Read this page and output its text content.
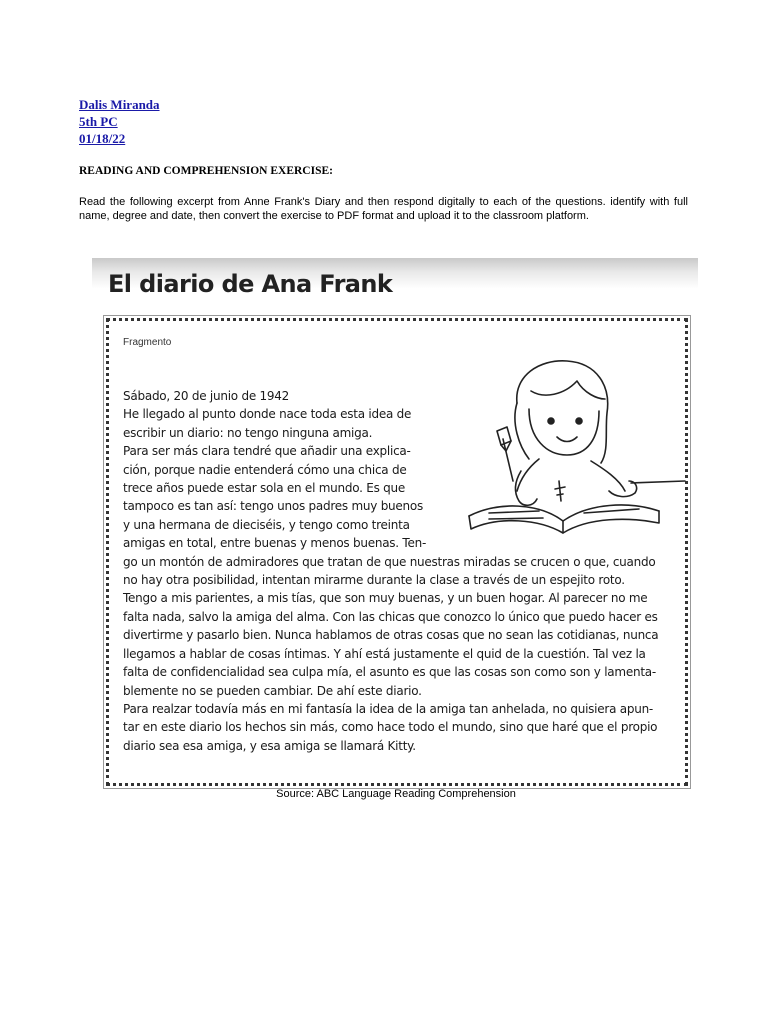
Dalis Miranda
5th PC
01/18/22
READING AND COMPREHENSION EXERCISE:
Read the following excerpt from Anne Frank's Diary and then respond digitally to each of the questions. identify with full name, degree and date, then convert the exercise to PDF format and upload it to the classroom platform.
El diario de Ana Frank
Fragmento
Sábado, 20 de junio de 1942
He llegado al punto donde nace toda esta idea de
escribir un diario: no tengo ninguna amiga.
Para ser más clara tendré que añadir una explica-
ción, porque nadie entenderá cómo una chica de
trece años puede estar sola en el mundo. Es que
tampoco es tan así: tengo unos padres muy buenos
y una hermana de dieciséis, y tengo como treinta
amigas en total, entre buenas y menos buenas. Ten-
go un montón de admiradores que tratan de que nuestras miradas se crucen o que, cuando
no hay otra posibilidad, intentan mirarme durante la clase a través de un espejito roto.
Tengo a mis parientes, a mis tías, que son muy buenas, y un buen hogar. Al parecer no me
falta nada, salvo la amiga del alma. Con las chicas que conozco lo único que puedo hacer es
divertirme y pasarlo bien. Nunca hablamos de otras cosas que no sean las cotidianas, nunca
llegamos a hablar de cosas íntimas. Y ahí está justamente el quid de la cuestión. Tal vez la
falta de confidencialidad sea culpa mía, el asunto es que las cosas son como son y lamenta-
blemente no se pueden cambiar. De ahí este diario.
Para realzar todavía más en mi fantasía la idea de la amiga tan anhelada, no quisiera apun-
tar en este diario los hechos sin más, como hace todo el mundo, sino que haré que el propio
diario sea esa amiga, y esa amiga se llamará Kitty.
Source: ABC Language Reading Comprehension
